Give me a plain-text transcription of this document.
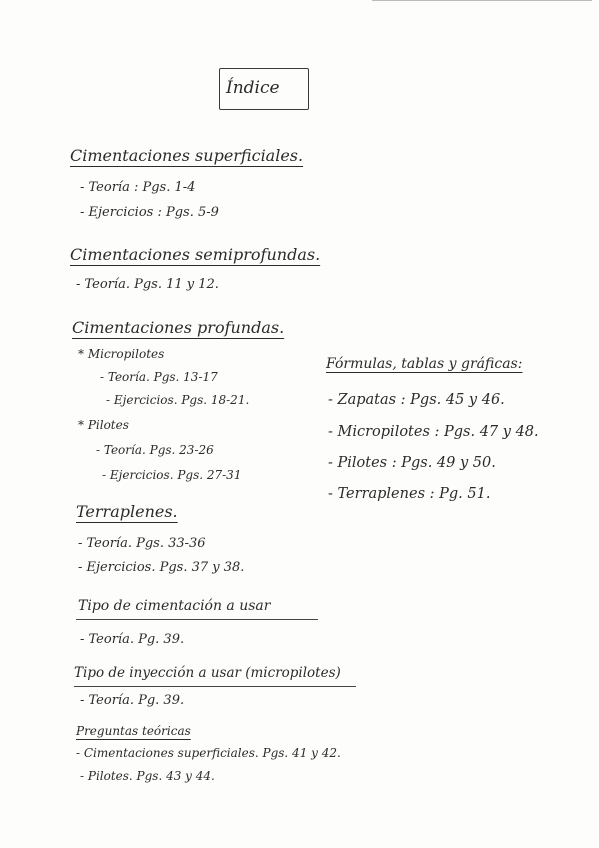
Índice
Cimentaciones superficiales.
- Teoría : Pgs. 1-4
- Ejercicios : Pgs. 5-9
Cimentaciones semiprofundas.
- Teoría. Pgs. 11 y 12.
Cimentaciones profundas.
* Micropilotes
- Teoría. Pgs. 13-17
- Ejercicios. Pgs. 18-21.
* Pilotes
- Teoría. Pgs. 23-26
- Ejercicios. Pgs. 27-31
Terraplenes.
- Teoría. Pgs. 33-36
- Ejercicios. Pgs. 37 y 38.
Tipo de cimentación a usar
- Teoría. Pg. 39.
Tipo de inyección a usar (micropilotes)
- Teoría. Pg. 39.
Preguntas teóricas
- Cimentaciones superficiales. Pgs. 41 y 42.
- Pilotes. Pgs. 43 y 44.
Fórmulas, tablas y gráficas:
- Zapatas : Pgs. 45 y 46.
- Micropilotes : Pgs. 47 y 48.
- Pilotes : Pgs. 49 y 50.
- Terraplenes : Pg. 51.
